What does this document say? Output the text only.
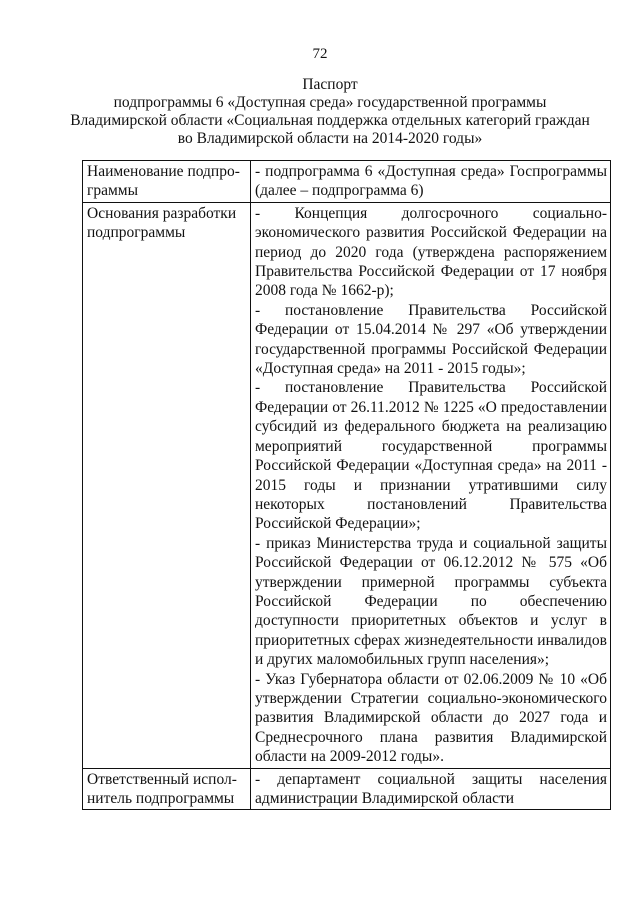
72
Паспорт
подпрограммы 6 «Доступная среда» государственной программы
Владимирской области «Социальная поддержка отдельных категорий граждан
во Владимирской области на 2014-2020 годы»
Наименование подпро-граммы	- подпрограмма 6 «Доступная среда» Госпрограммы (далее – подпрограмма 6)

Основания разработки подпрограммы	- Концепция долгосрочного социально-экономического развития Российской Федерации на период до 2020 года (утверждена распоряжением Правительства Российской Федерации от 17 ноября 2008 года № 1662-р);

- постановление Правительства Российской Федерации от 15.04.2014 № 297 «Об утверждении государственной программы Российской Федерации «Доступная среда» на 2011 - 2015 годы»;

- постановление Правительства Российской Федерации от 26.11.2012 № 1225 «О предоставлении субсидий из федерального бюджета на реализацию мероприятий государственной программы Российской Федерации «Доступная среда» на 2011 - 2015 годы и признании утратившими силу некоторых постановлений Правительства Российской Федерации»;

- приказ Министерства труда и социальной защиты Российской Федерации от 06.12.2012 № 575 «Об утверждении примерной программы субъекта Российской Федерации по обеспечению доступности приоритетных объектов и услуг в приоритетных сферах жизнедеятельности инвалидов и других маломобильных групп населения»;

- Указ Губернатора области от 02.06.2009 № 10 «Об утверждении Стратегии социально-экономического развития Владимирской области до 2027 года и Среднесрочного плана развития Владимирской области на 2009-2012 годы».

Ответственный испол-нитель подпрограммы	- департамент социальной защиты населения администрации Владимирской области
